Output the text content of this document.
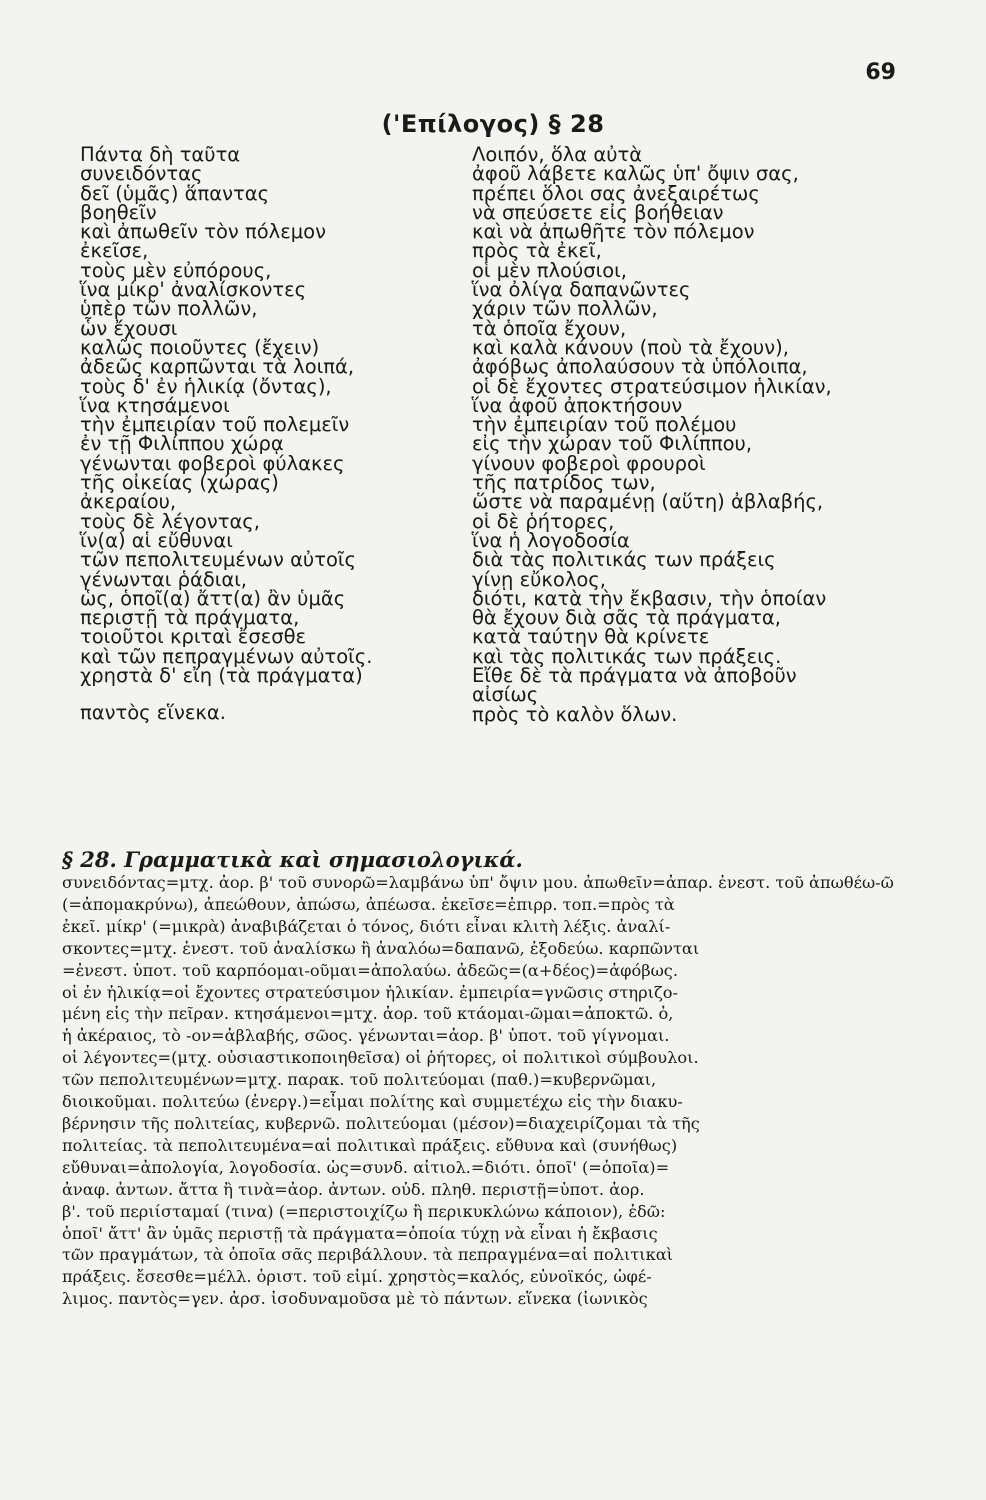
69
('Επίλογος) § 28
Πάντα δὴ ταῦτα
συνειδόντας
δεῖ (ὑμᾶς) ἅπαντας
βοηθεῖν
καὶ ἀπωθεῖν τὸν πόλεμον
ἐκεῖσε,
τοὺς μὲν εὐπόρους,
ἵνα μίκρ' ἀναλίσκοντες
ὑπὲρ τῶν πολλῶν,
ὧν ἔχουσι
καλῶς ποιοῦντες (ἔχειν)
ἀδεῶς καρπῶνται τὰ λοιπά,
τοὺς δ' ἐν ἡλικίᾳ (ὄντας),
ἵνα κτησάμενοι
τὴν ἐμπειρίαν τοῦ πολεμεῖν
ἐν τῇ Φιλίππου χώρᾳ
γένωνται φοβεροὶ φύλακες
τῆς οἰκείας (χώρας)
ἀκεραίου,
τοὺς δὲ λέγοντας,
ἵν(α) αἱ εὔθυναι
τῶν πεπολιτευμένων αὐτοῖς
γένωνται ῥάδιαι,
ὡς, ὁποῖ(α) ἄττ(α) ἂν ὑμᾶς
περιστῇ τὰ πράγματα,
τοιοῦτοι κριταὶ ἔσεσθε
καὶ τῶν πεπραγμένων αὐτοῖς.
χρηστὰ δ' εἴη (τὰ πράγματα)
παντὸς εἵνεκα.
Λοιπόν, ὅλα αὐτὰ
ἀφοῦ λάβετε καλῶς ὑπ' ὄψιν σας,
πρέπει ὅλοι σας ἀνεξαιρέτως
νὰ σπεύσετε εἰς βοήθειαν
καὶ νὰ ἀπωθῆτε τὸν πόλεμον
πρὸς τὰ ἐκεῖ,
οἱ μὲν πλούσιοι,
ἵνα ὀλίγα δαπανῶντες
χάριν τῶν πολλῶν,
τὰ ὁποῖα ἔχουν,
καὶ καλὰ κάνουν (ποὺ τὰ ἔχουν),
ἀφόβως ἀπολαύσουν τὰ ὑπόλοιπα,
οἱ δὲ ἔχοντες στρατεύσιμον ἡλικίαν,
ἵνα ἀφοῦ ἀποκτήσουν
τὴν ἐμπειρίαν τοῦ πολέμου
εἰς τὴν χώραν τοῦ Φιλίππου,
γίνουν φοβεροὶ φρουροὶ
τῆς πατρίδος των,
ὥστε νὰ παραμένῃ (αὕτη) ἀβλαβής,
οἱ δὲ ῥήτορες,
ἵνα ἡ λογοδοσία
διὰ τὰς πολιτικάς των πράξεις
γίνῃ εὔκολος,
διότι, κατὰ τὴν ἔκβασιν, τὴν ὁποίαν
θὰ ἔχουν διὰ σᾶς τὰ πράγματα,
κατὰ ταύτην θὰ κρίνετε
καὶ τὰς πολιτικάς των πράξεις.
Εἴθε δὲ τὰ πράγματα νὰ ἀποβοῦν
αἰσίως
πρὸς τὸ καλὸν ὅλων.
§ 28. Γραμματικὰ καὶ σημασιολογικά.
συνειδόντας=μτχ. ἀορ. β' τοῦ συνορῶ=λαμβάνω ὑπ' ὄψιν μου. ἀπωθεῖν=ἀπαρ. ἐνεστ. τοῦ ἀπωθέω-ῶ
(=ἀπομακρύνω), ἀπεώθουν, ἀπώσω, ἀπέωσα. ἐκεῖσε=ἐπιρρ. τοπ.=πρὸς τὰ
ἐκεῖ. μίκρ' (=μικρὰ) ἀναβιβάζεται ὁ τόνος, διότι εἶναι κλιτὴ λέξις. ἀναλί-
σκοντες=μτχ. ἐνεστ. τοῦ ἀναλίσκω ἢ ἀναλόω=δαπανῶ, ἐξοδεύω. καρπῶνται
=ἐνεστ. ὑποτ. τοῦ καρπόομαι-οῦμαι=ἀπολαύω. ἀδεῶς=(α+δέος)=ἀφόβως.
οἱ ἐν ἡλικίᾳ=οἱ ἔχοντες στρατεύσιμον ἡλικίαν. ἐμπειρία=γνῶσις στηριζο-
μένη εἰς τὴν πεῖραν. κτησάμενοι=μτχ. ἀορ. τοῦ κτάομαι-ῶμαι=ἀποκτῶ. ὁ,
ἡ ἀκέραιος, τὸ -ον=ἀβλαβής, σῶος. γένωνται=ἀορ. β' ὑποτ. τοῦ γίγνομαι.
οἱ λέγοντες=(μτχ. οὐσιαστικοποιηθεῖσα) οἱ ῥήτορες, οἱ πολιτικοὶ σύμβουλοι.
τῶν πεπολιτευμένων=μτχ. παρακ. τοῦ πολιτεύομαι (παθ.)=κυβερνῶμαι,
διοικοῦμαι. πολιτεύω (ἐνεργ.)=εἶμαι πολίτης καὶ συμμετέχω εἰς τὴν διακυ-
βέρνησιν τῆς πολιτείας, κυβερνῶ. πολιτεύομαι (μέσον)=διαχειρίζομαι τὰ τῆς
πολιτείας. τὰ πεπολιτευμένα=αἱ πολιτικαὶ πράξεις. εὔθυνα καὶ (συνήθως)
εὔθυναι=ἀπολογία, λογοδοσία. ὡς=συνδ. αἰτιολ.=διότι. ὁποῖ' (=ὁποῖα)=
ἀναφ. ἀντων. ἄττα ἢ τινὰ=ἀορ. ἀντων. οὐδ. πληθ. περιστῇ=ὑποτ. ἀορ.
β'. τοῦ περιίσταμαί (τινα) (=περιστοιχίζω ἢ περικυκλώνω κάποιον), ἐδῶ:
ὁποῖ' ἄττ' ἂν ὑμᾶς περιστῇ τὰ πράγματα=ὁποία τύχῃ νὰ εἶναι ἡ ἔκβασις
τῶν πραγμάτων, τὰ ὁποῖα σᾶς περιβάλλουν. τὰ πεπραγμένα=αἱ πολιτικαὶ
πράξεις. ἔσεσθε=μέλλ. ὁριστ. τοῦ εἰμί. χρηστὸς=καλός, εὐνοϊκός, ὠφέ-
λιμος. παντὸς=γεν. ἀρσ. ἰσοδυναμοῦσα μὲ τὸ πάντων. εἵνεκα (ἰωνικὸς
